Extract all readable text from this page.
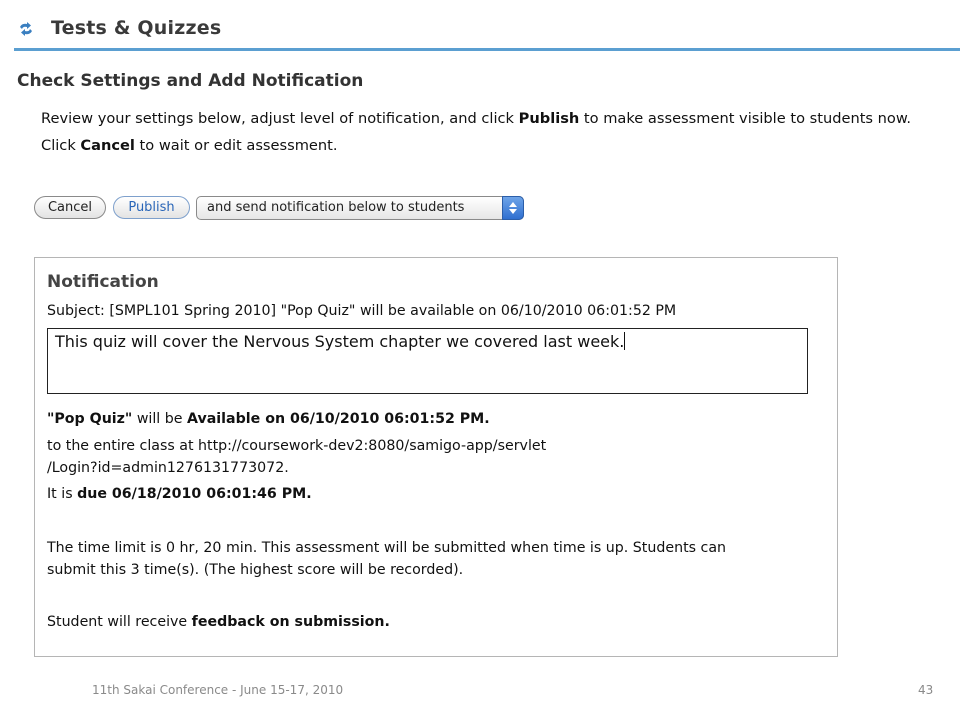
Tests & Quizzes
Check Settings and Add Notification
Review your settings below, adjust level of notification, and click Publish to make assessment visible to students now.
Click Cancel to wait or edit assessment.
Cancel	Publish	and send notification below to students
Notification
Subject: [SMPL101 Spring 2010] "Pop Quiz" will be available on 06/10/2010 06:01:52 PM
This quiz will cover the Nervous System chapter we covered last week.
"Pop Quiz" will be Available on 06/10/2010 06:01:52 PM.
to the entire class at http://coursework-dev2:8080/samigo-app/servlet
/Login?id=admin1276131773072.
It is due 06/18/2010 06:01:46 PM.
The time limit is 0 hr, 20 min. This assessment will be submitted when time is up. Students can
submit this 3 time(s). (The highest score will be recorded).
Student will receive feedback on submission.
11th Sakai Conference - June 15-17, 2010	43
